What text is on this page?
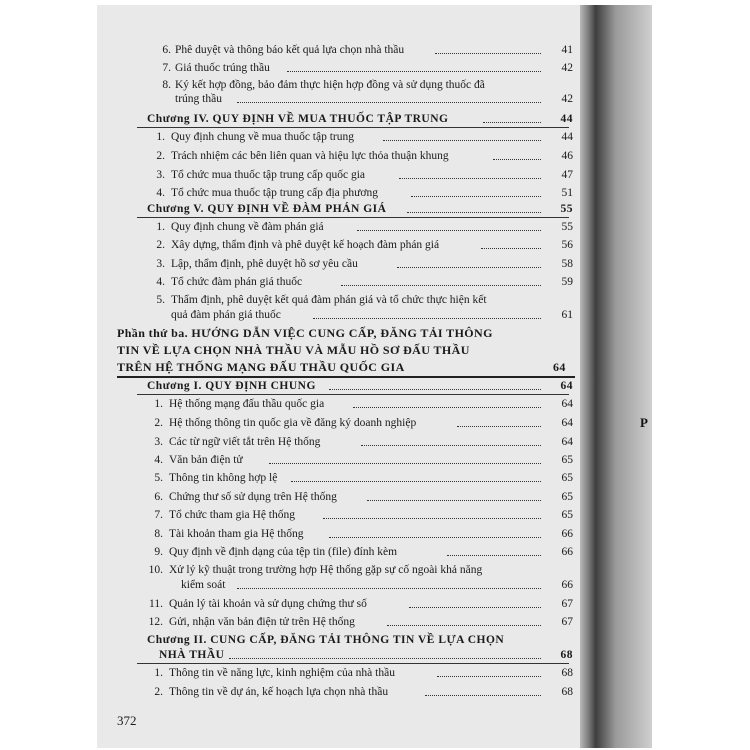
6. Phê duyệt và thông báo kết quả lựa chọn nhà thầu	41
7. Giá thuốc trúng thầu	42
8. Ký kết hợp đồng, bảo đảm thực hiện hợp đồng và sử dụng thuốc đã
trúng thầu	42
Chương IV. QUY ĐỊNH VỀ MUA THUỐC TẬP TRUNG	44
1. Quy định chung về mua thuốc tập trung	44
2. Trách nhiệm các bên liên quan và hiệu lực thỏa thuận khung	46
3. Tổ chức mua thuốc tập trung cấp quốc gia	47
4. Tổ chức mua thuốc tập trung cấp địa phương	51
Chương V. QUY ĐỊNH VỀ ĐÀM PHÁN GIÁ	55
1. Quy định chung về đàm phán giá	55
2. Xây dựng, thẩm định và phê duyệt kế hoạch đàm phán giá	56
3. Lập, thẩm định, phê duyệt hồ sơ yêu cầu	58
4. Tổ chức đàm phán giá thuốc	59
5. Thẩm định, phê duyệt kết quả đàm phán giá và tổ chức thực hiện kết
quả đàm phán giá thuốc	61
Phần thứ ba. HƯỚNG DẪN VIỆC CUNG CẤP, ĐĂNG TẢI THÔNG
TIN VỀ LỰA CHỌN NHÀ THẦU VÀ MẪU HỒ SƠ ĐẤU THẦU
TRÊN HỆ THỐNG MẠNG ĐẤU THẦU QUỐC GIA	64
Chương I. QUY ĐỊNH CHUNG	64
1. Hệ thống mạng đấu thầu quốc gia	64
2. Hệ thống thông tin quốc gia về đăng ký doanh nghiệp	64
3. Các từ ngữ viết tắt trên Hệ thống	64
4. Văn bản điện tử	65
5. Thông tin không hợp lệ	65
6. Chứng thư số sử dụng trên Hệ thống	65
7. Tổ chức tham gia Hệ thống	65
8. Tài khoản tham gia Hệ thống	66
9. Quy định về định dạng của tệp tin (file) đính kèm	66
10. Xử lý kỹ thuật trong trường hợp Hệ thống gặp sự cố ngoài khả năng
kiểm soát	66
11. Quản lý tài khoản và sử dụng chứng thư số	67
12. Gửi, nhận văn bản điện tử trên Hệ thống	67
Chương II. CUNG CẤP, ĐĂNG TẢI THÔNG TIN VỀ LỰA CHỌN
NHÀ THẦU	68
1. Thông tin về năng lực, kinh nghiệm của nhà thầu	68
2. Thông tin về dự án, kế hoạch lựa chọn nhà thầu	68
372
P
